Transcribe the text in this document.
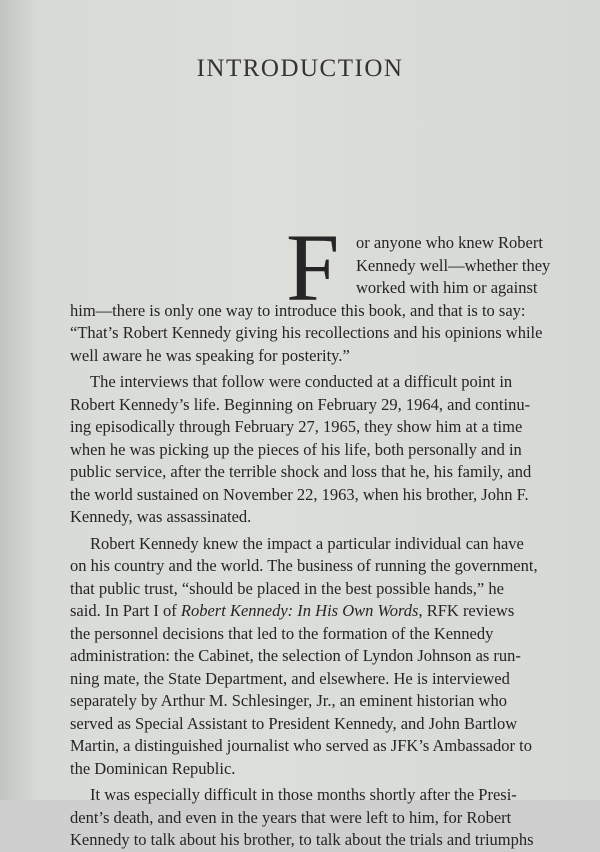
INTRODUCTION
F	or anyone who knew Robert
Kennedy well—whether they
worked with him or against
him—there is only one way to introduce this book, and that is to say:
“That’s Robert Kennedy giving his recollections and his opinions while
well aware he was speaking for posterity.”
The interviews that follow were conducted at a difficult point in
Robert Kennedy’s life. Beginning on February 29, 1964, and continu-
ing episodically through February 27, 1965, they show him at a time
when he was picking up the pieces of his life, both personally and in
public service, after the terrible shock and loss that he, his family, and
the world sustained on November 22, 1963, when his brother, John F.
Kennedy, was assassinated.
Robert Kennedy knew the impact a particular individual can have
on his country and the world. The business of running the government,
that public trust, “should be placed in the best possible hands,” he
said. In Part I of Robert Kennedy: In His Own Words, RFK reviews
the personnel decisions that led to the formation of the Kennedy
administration: the Cabinet, the selection of Lyndon Johnson as run-
ning mate, the State Department, and elsewhere. He is interviewed
separately by Arthur M. Schlesinger, Jr., an eminent historian who
served as Special Assistant to President Kennedy, and John Bartlow
Martin, a distinguished journalist who served as JFK’s Ambassador to
the Dominican Republic.
It was especially difficult in those months shortly after the Presi-
dent’s death, and even in the years that were left to him, for Robert
Kennedy to talk about his brother, to talk about the trials and triumphs
